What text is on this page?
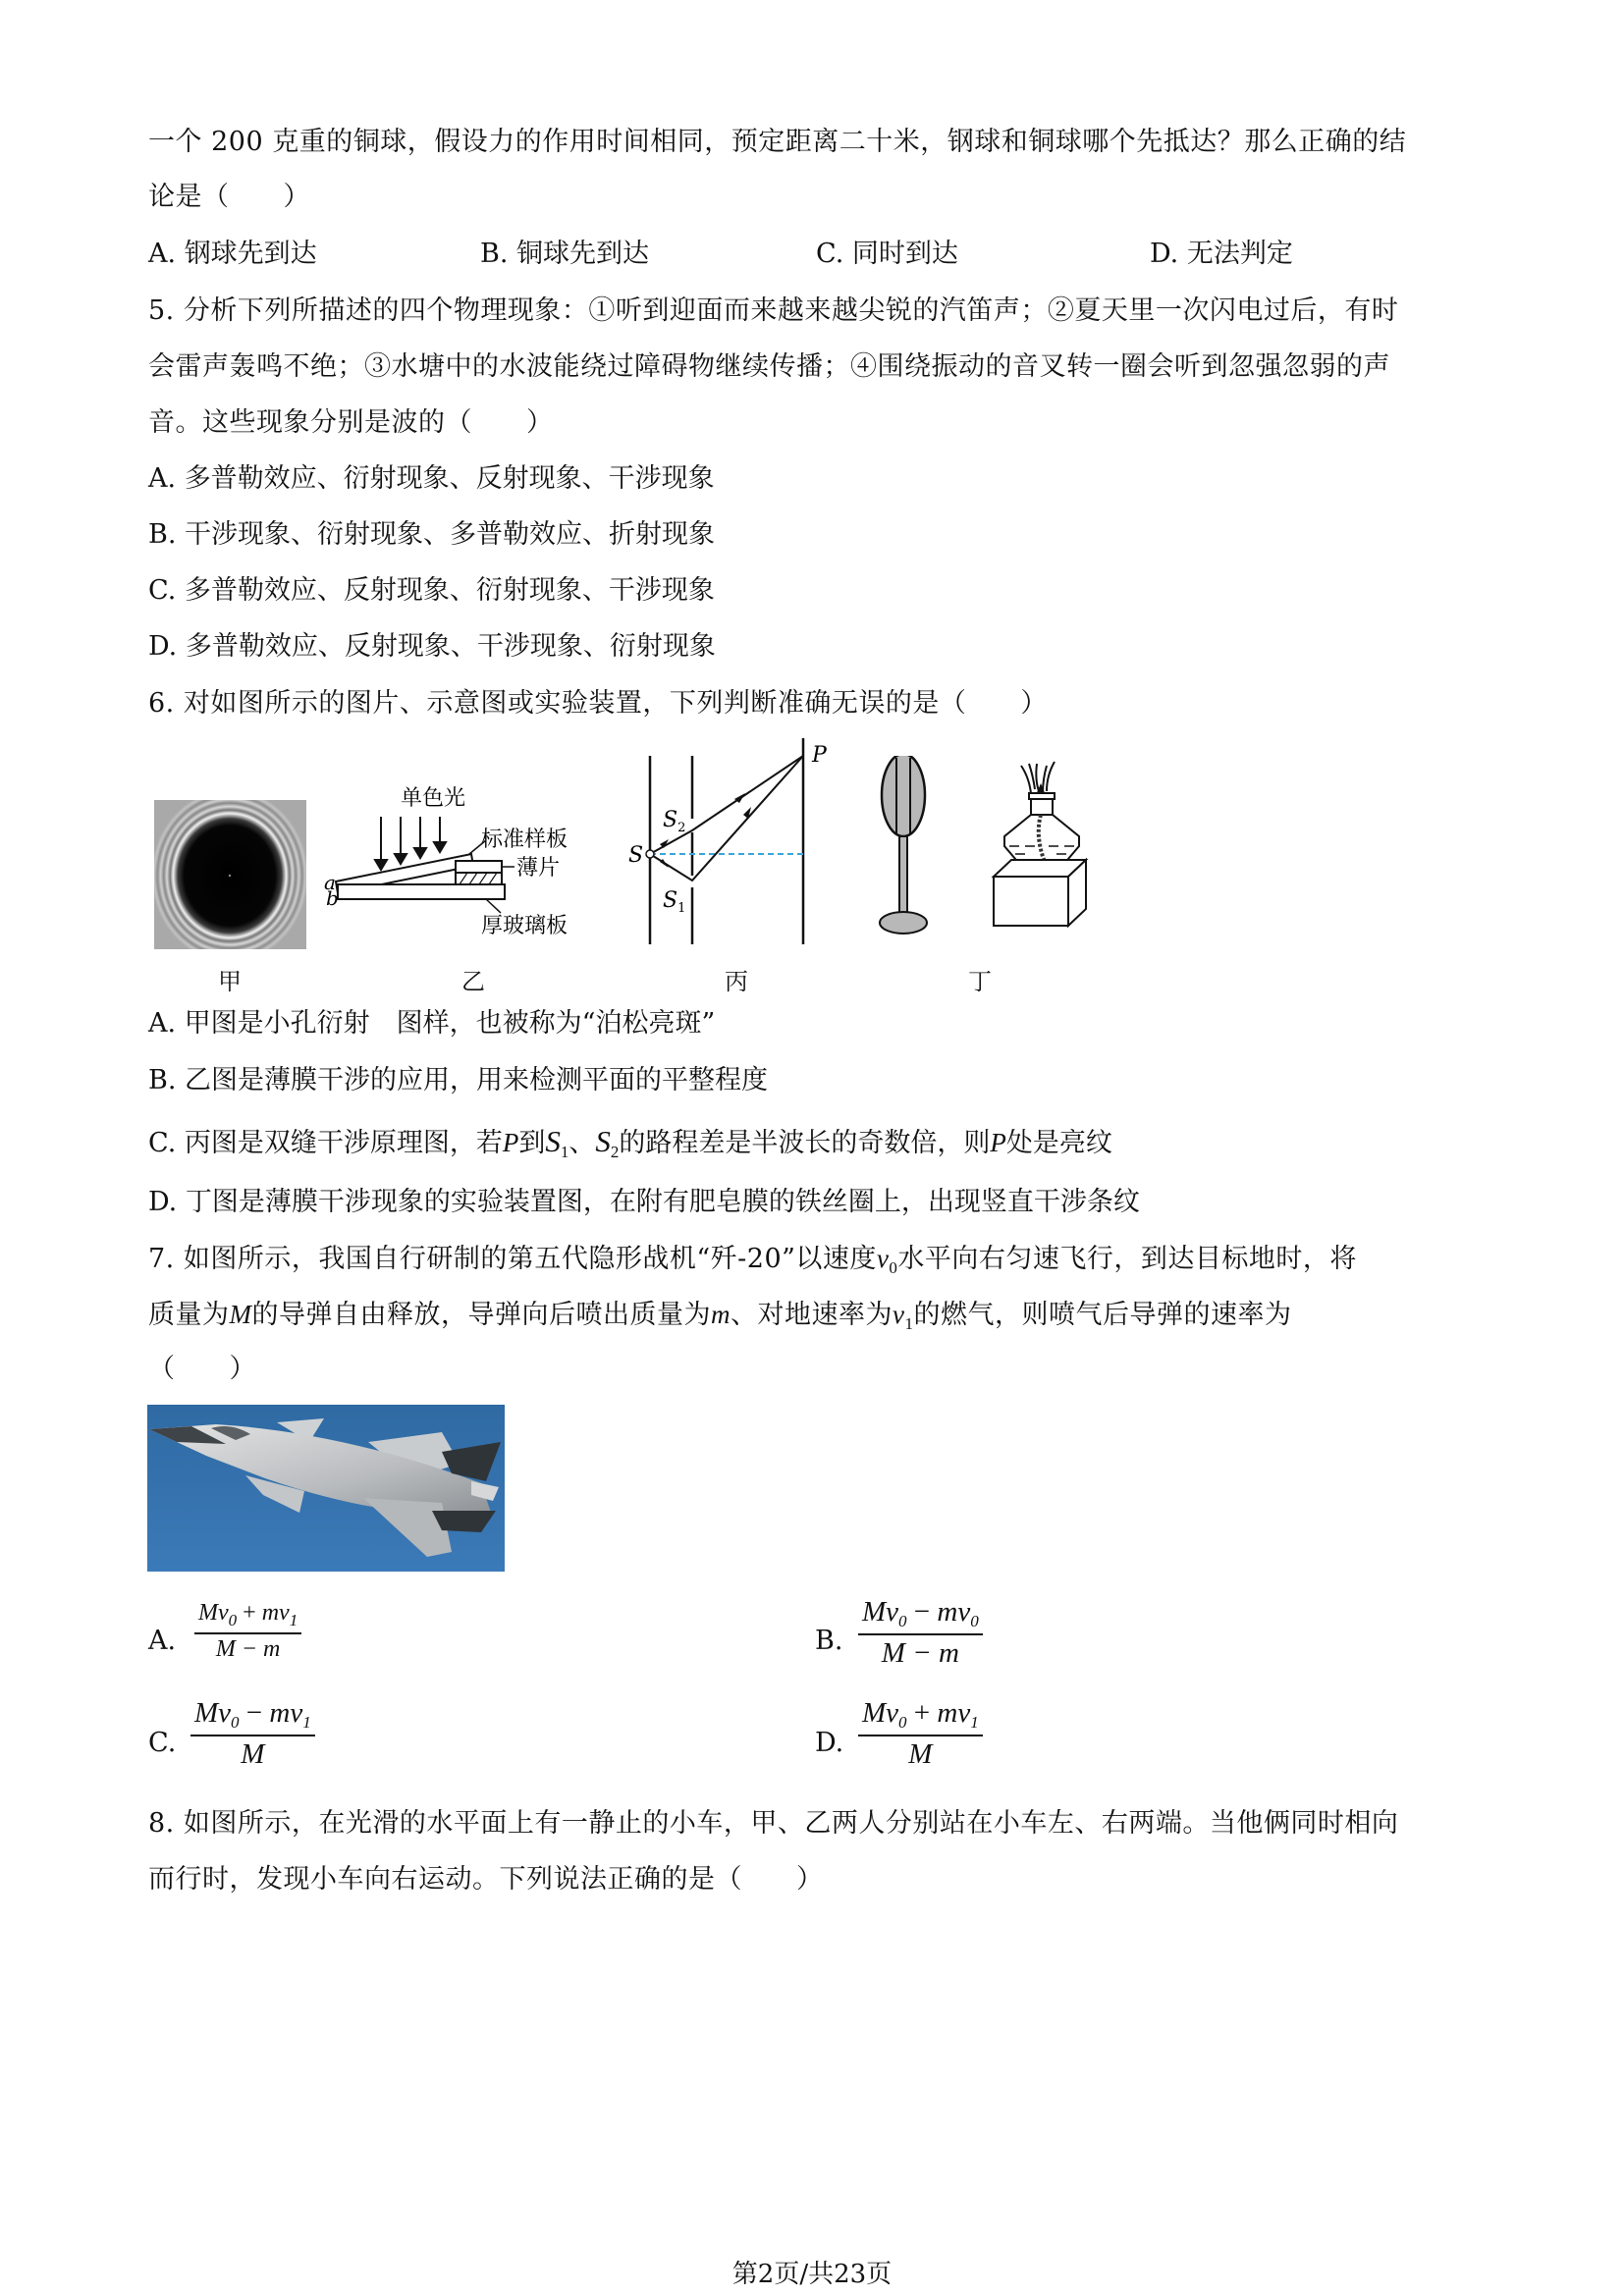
一个 200 克重的铜球，假设力的作用时间相同，预定距离二十米，钢球和铜球哪个先抵达？那么正确的结
论是（　　）
A. 钢球先到达	B. 铜球先到达	C. 同时到达	D. 无法判定
5. 分析下列所描述的四个物理现象：①听到迎面而来越来越尖锐的汽笛声；②夏天里一次闪电过后，有时
会雷声轰鸣不绝；③水塘中的水波能绕过障碍物继续传播；④围绕振动的音叉转一圈会听到忽强忽弱的声
音。这些现象分别是波的（　　）
A. 多普勒效应、衍射现象、反射现象、干涉现象
B. 干涉现象、衍射现象、多普勒效应、折射现象
C. 多普勒效应、反射现象、衍射现象、干涉现象
D. 多普勒效应、反射现象、干涉现象、衍射现象
6. 对如图所示的图片、示意图或实验装置，下列判断准确无误的是（　　）
甲
单色光
标准样板
薄片
厚玻璃板
a
b
乙
P
S
$S_2$
$S_1$
丙	丁
A. 甲图是小孔衍射　图样，也被称为“泊松亮斑”
B. 乙图是薄膜干涉的应用，用来检测平面的平整程度
C. 丙图是双缝干涉原理图，若P到$S_1$、$S_2$的路程差是半波长的奇数倍，则P处是亮纹
D. 丁图是薄膜干涉现象的实验装置图，在附有肥皂膜的铁丝圈上，出现竖直干涉条纹
7. 如图所示，我国自行研制的第五代隐形战机“歼-20”以速度$v_0$水平向右匀速飞行，到达目标地时，将
质量为M的导弹自由释放，导弹向后喷出质量为m、对地速率为$v_1$的燃气，则喷气后导弹的速率为
（　　）
A. $\frac{Mv_0 + mv_1}{M - m}$	B. $\frac{Mv_0 - mv_0}{M - m}$
C. $\frac{Mv_0 - mv_1}{M}$	D. $\frac{Mv_0 + mv_1}{M}$
8. 如图所示，在光滑的水平面上有一静止的小车，甲、乙两人分别站在小车左、右两端。当他俩同时相向
而行时，发现小车向右运动。下列说法正确的是（　　）
第2页/共23页
